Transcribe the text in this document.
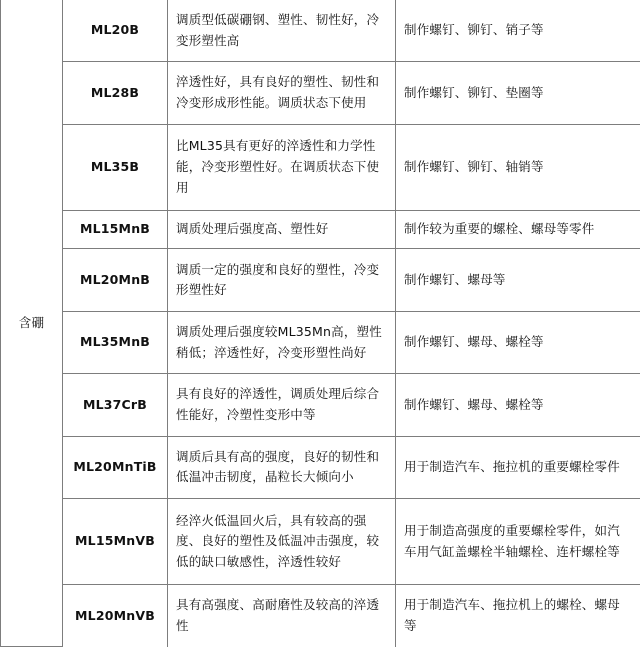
含硼	ML20B	调质型低碳硼钢、塑性、韧性好，冷变形塑性高	制作螺钉、铆钉、销子等
	ML28B	淬透性好，具有良好的塑性、韧性和冷变形成形性能。调质状态下使用	制作螺钉、铆钉、垫圈等
	ML35B	比ML35具有更好的淬透性和力学性能，冷变形塑性好。在调质状态下使用	制作螺钉、铆钉、轴销等
	ML15MnB	调质处理后强度高、塑性好	制作较为重要的螺栓、螺母等零件
	ML20MnB	调质一定的强度和良好的塑性，冷变形塑性好	制作螺钉、螺母等
	ML35MnB	调质处理后强度较ML35Mn高，塑性稍低；淬透性好，冷变形塑性尚好	制作螺钉、螺母、螺栓等
	ML37CrB	具有良好的淬透性，调质处理后综合性能好，冷塑性变形中等	制作螺钉、螺母、螺栓等
	ML20MnTiB	调质后具有高的强度，良好的韧性和低温冲击韧度，晶粒长大倾向小	用于制造汽车、拖拉机的重要螺栓零件
	ML15MnVB	经淬火低温回火后，具有较高的强度、良好的塑性及低温冲击强度，较低的缺口敏感性，淬透性较好	用于制造高强度的重要螺栓零件，如汽车用气缸盖螺栓半轴螺栓、连杆螺栓等
	ML20MnVB	具有高强度、高耐磨性及较高的淬透性	用于制造汽车、拖拉机上的螺栓、螺母等
